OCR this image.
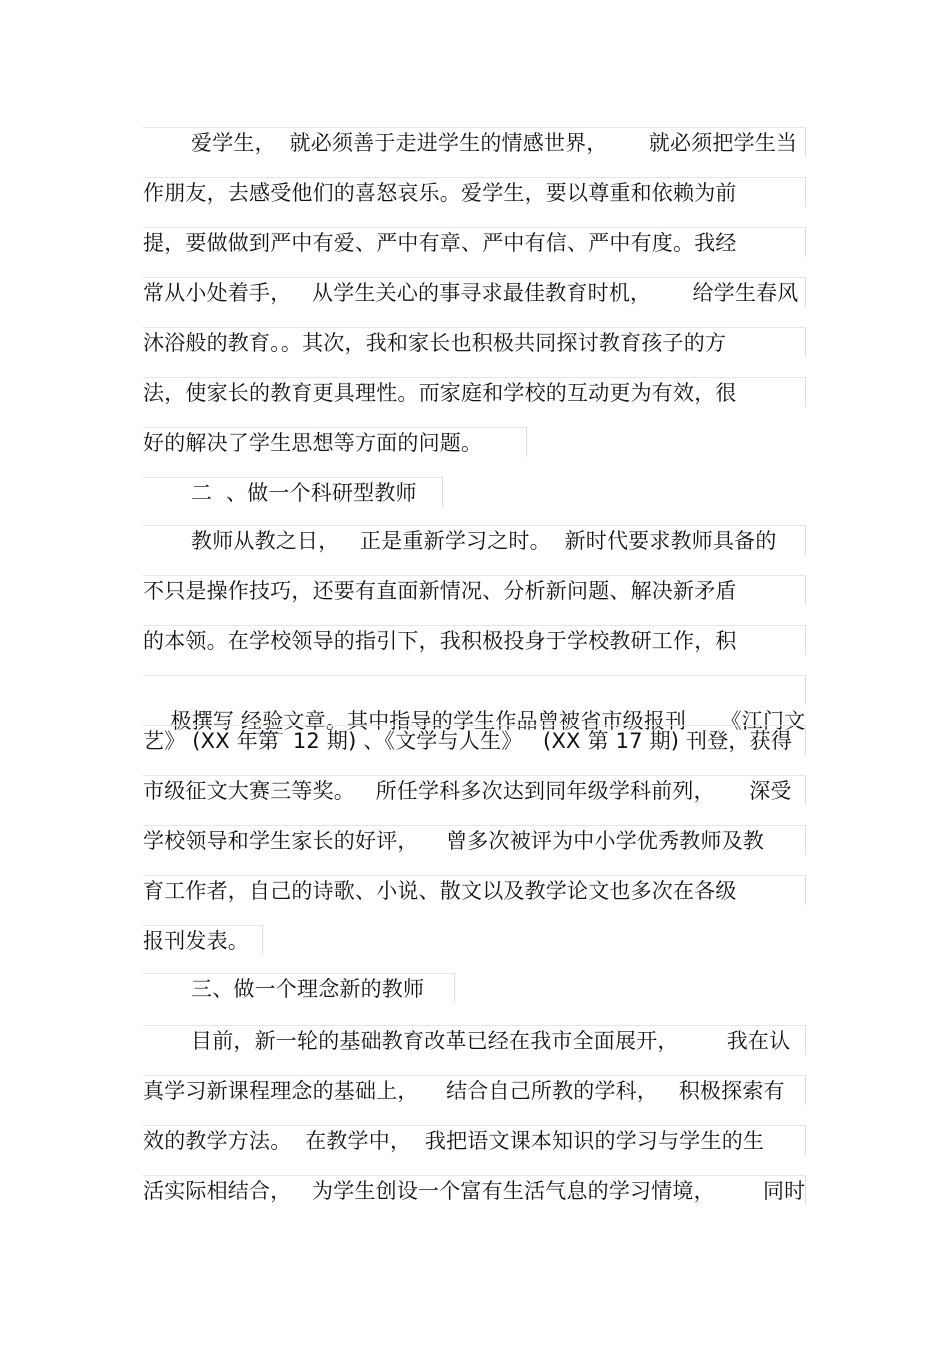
爱学生，  就必须善于走进学生的情感世界，      就必须把学生当
作朋友，去感受他们的喜怒哀乐。爱学生，要以尊重和依赖为前
提，要做做到严中有爱、严中有章、严中有信、严中有度。我经
常从小处着手，   从学生关心的事寻求最佳教育时机，      给学生春风
沐浴般的教育。。其次，我和家长也积极共同探讨教育孩子的方
法，使家长的教育更具理性。而家庭和学校的互动更为有效，很
好的解决了学生思想等方面的问题。
二  、做一个科研型教师
教师从教之日，   正是重新学习之时。  新时代要求教师具备的
不只是操作技巧，还要有直面新情况、分析新问题、解决新矛盾
的本领。在学校领导的指引下，我积极投身于学校教研工作，积

极撰写 经验文章。其中指导的学生作品曾被省市级报刊     《江门文

艺》 (XX 年第  12 期) 、《文学与人生》   (XX 第 17 期) 刊登，获得
市级征文大赛三等奖。   所任学科多次达到同年级学科前列，     深受
学校领导和学生家长的好评，    曾多次被评为中小学优秀教师及教
育工作者，自己的诗歌、小说、散文以及教学论文也多次在各级
报刊发表。
三、做一个理念新的教师
目前，新一轮的基础教育改革已经在我市全面展开，       我在认
真学习新课程理念的基础上，    结合自己所教的学科，   积极探索有
效的教学方法。  在教学中，  我把语文课本知识的学习与学生的生
活实际相结合，   为学生创设一个富有生活气息的学习情境，       同时
